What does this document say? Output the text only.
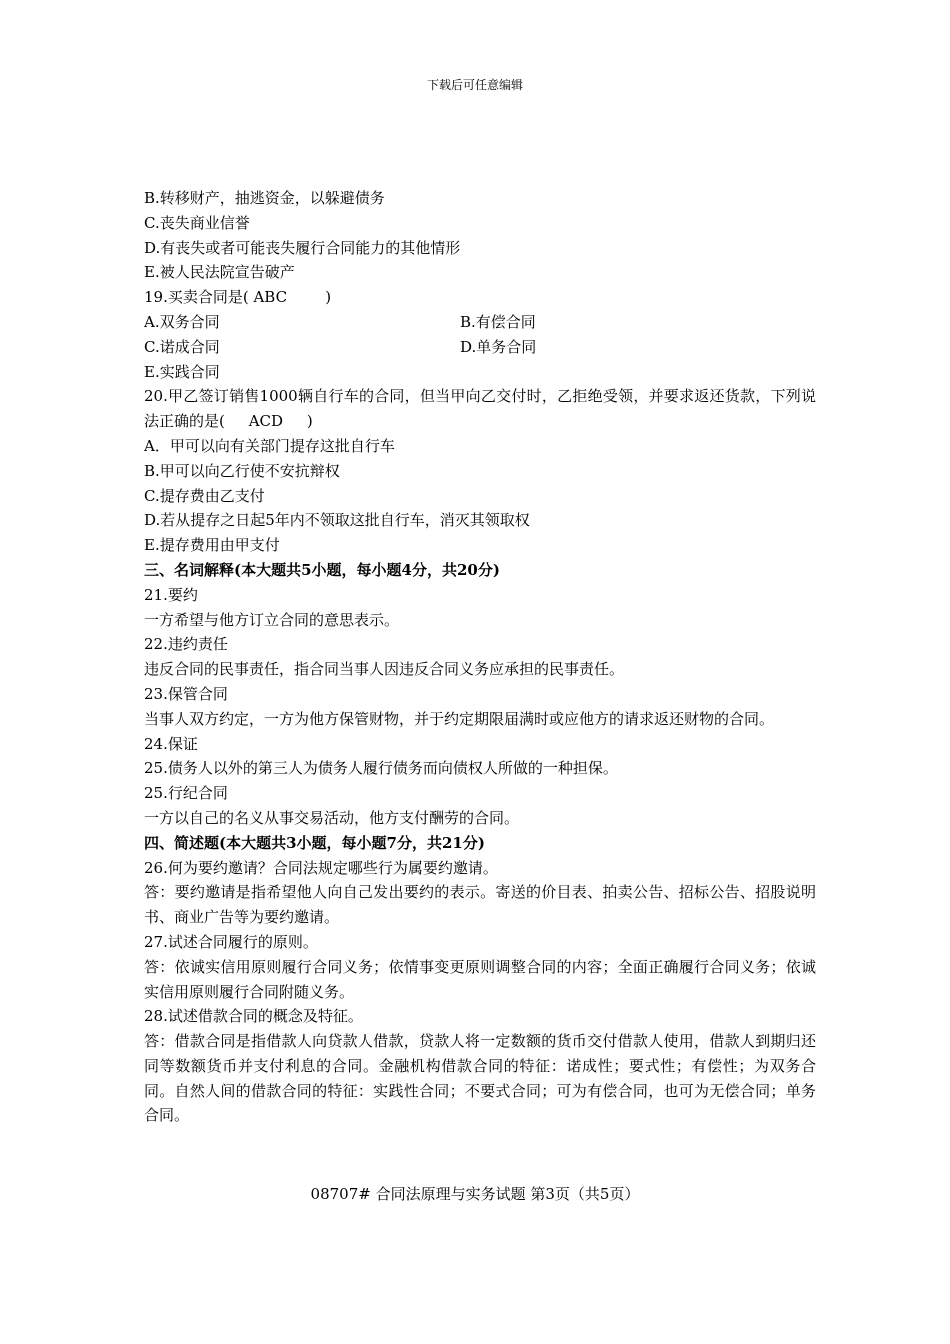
下载后可任意编辑
B.转移财产，抽逃资金，以躲避债务
C.丧失商业信誉
D.有丧失或者可能丧失履行合同能力的其他情形
E.被人民法院宣告破产
19.买卖合同是( ABC        )
A.双务合同	B.有偿合同
C.诺成合同	D.单务合同
E.实践合同
20.甲乙签订销售1000辆自行车的合同，但当甲向乙交付时，乙拒绝受领，并要求返还货款，下列说法正确的是(     ACD     )
A．甲可以向有关部门提存这批自行车
B.甲可以向乙行使不安抗辩权
C.提存费由乙支付
D.若从提存之日起5年内不领取这批自行车，消灭其领取权
E.提存费用由甲支付
三、名词解释(本大题共5小题，每小题4分，共20分)
21.要约
一方希望与他方订立合同的意思表示。
22.违约责任
违反合同的民事责任，指合同当事人因违反合同义务应承担的民事责任。
23.保管合同
当事人双方约定，一方为他方保管财物，并于约定期限届满时或应他方的请求返还财物的合同。
24.保证
25.债务人以外的第三人为债务人履行债务而向债权人所做的一种担保。
25.行纪合同
一方以自己的名义从事交易活动，他方支付酬劳的合同。
四、简述题(本大题共3小题，每小题7分，共21分)
26.何为要约邀请？合同法规定哪些行为属要约邀请。
答：要约邀请是指希望他人向自己发出要约的表示。寄送的价目表、拍卖公告、招标公告、招股说明书、商业广告等为要约邀请。
27.试述合同履行的原则。
答：依诚实信用原则履行合同义务；依情事变更原则调整合同的内容；全面正确履行合同义务；依诚实信用原则履行合同附随义务。
28.试述借款合同的概念及特征。
答：借款合同是指借款人向贷款人借款，贷款人将一定数额的货币交付借款人使用，借款人到期归还同等数额货币并支付利息的合同。金融机构借款合同的特征：诺成性；要式性；有偿性；为双务合同。自然人间的借款合同的特征：实践性合同；不要式合同；可为有偿合同，也可为无偿合同；单务合同。
08707# 合同法原理与实务试题 第3页（共5页）
